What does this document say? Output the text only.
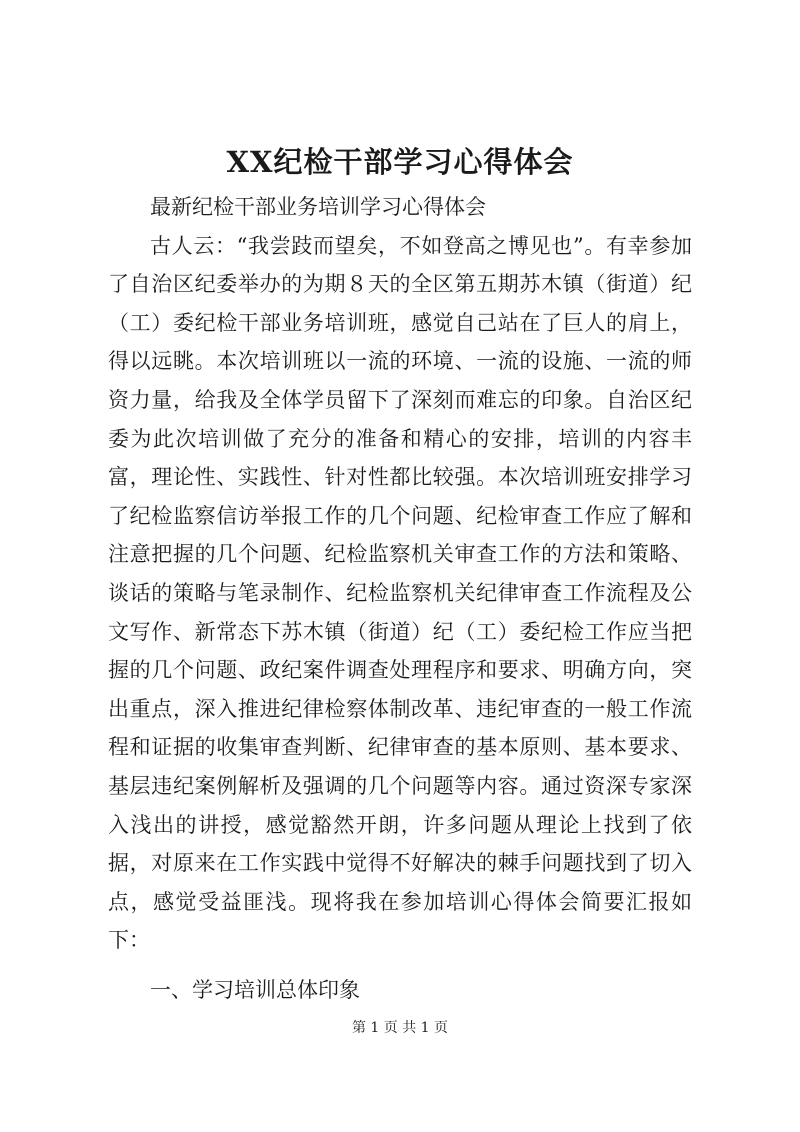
XX纪检干部学习心得体会

最新纪检干部业务培训学习心得体会

古人云：“我尝跂而望矣，不如登高之博见也”。有幸参加了自治区纪委举办的为期８天的全区第五期苏木镇（街道）纪（工）委纪检干部业务培训班，感觉自己站在了巨人的肩上，得以远眺。本次培训班以一流的环境、一流的设施、一流的师资力量，给我及全体学员留下了深刻而难忘的印象。自治区纪委为此次培训做了充分的准备和精心的安排，培训的内容丰富，理论性、实践性、针对性都比较强。本次培训班安排学习了纪检监察信访举报工作的几个问题、纪检审查工作应了解和注意把握的几个问题、纪检监察机关审查工作的方法和策略、谈话的策略与笔录制作、纪检监察机关纪律审查工作流程及公文写作、新常态下苏木镇（街道）纪（工）委纪检工作应当把握的几个问题、政纪案件调查处理程序和要求、明确方向，突出重点，深入推进纪律检察体制改革、违纪审查的一般工作流程和证据的收集审查判断、纪律审查的基本原则、基本要求、基层违纪案例解析及强调的几个问题等内容。通过资深专家深入浅出的讲授，感觉豁然开朗，许多问题从理论上找到了依据，对原来在工作实践中觉得不好解决的棘手问题找到了切入点，感觉受益匪浅。现将我在参加培训心得体会简要汇报如下：

一、学习培训总体印象

第 1 页 共 1 页
